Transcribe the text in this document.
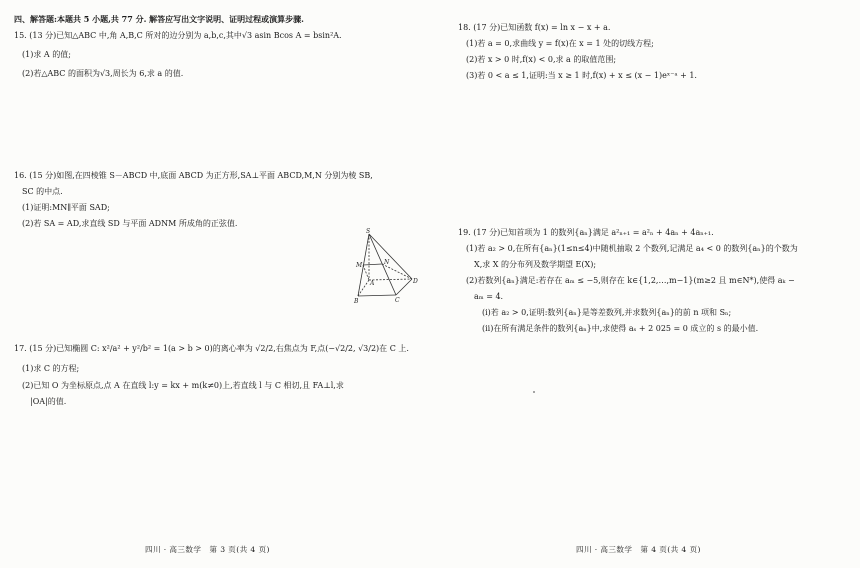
四、解答题:本题共 5 小题,共 77 分. 解答应写出文字说明、证明过程或演算步骤.
15. (13 分)已知△ABC 中,角 A,B,C 所对的边分别为 a,b,c,其中√3 asin Bcos A = bsin²A.
(1)求 A 的值;
(2)若△ABC 的面积为√3,周长为 6,求 a 的值.
16. (15 分)如图,在四棱锥 S－ABCD 中,底面 ABCD 为正方形,SA⊥平面 ABCD,M,N 分别为棱 SB,
SC 的中点.
(1)证明:MN∥平面 SAD;
(2)若 SA = AD,求直线 SD 与平面 ADNM 所成角的正弦值.
S
M	N
A
B	C
D
17. (15 分)已知椭圆 C: x²/a² + y²/b² = 1(a > b > 0)的离心率为 √2/2,右焦点为 F,点(−√2/2, √3/2)在 C 上.
(1)求 C 的方程;
(2)已知 O 为坐标原点,点 A 在直线 l:y = kx + m(k≠0)上,若直线 l 与 C 相切,且 FA⊥l,求
|OA|的值.
四川 · 高三数学　第 3 页(共 4 页)
18. (17 分)已知函数 f(x) = ln x − x + a.
(1)若 a = 0,求曲线 y = f(x)在 x = 1 处的切线方程;
(2)若 x > 0 时,f(x) < 0,求 a 的取值范围;
(3)若 0 < a ≤ 1,证明:当 x ≥ 1 时,f(x) + x ≤ (x − 1)eˣ⁻ᵃ + 1.
19. (17 分)已知首项为 1 的数列{aₙ}满足 a²ₙ₊₁ = a²ₙ + 4aₙ + 4aₙ₊₁.
(1)若 a₂ > 0,在所有{aₙ}(1≤n≤4)中随机抽取 2 个数列,记满足 a₄ < 0 的数列{aₙ}的个数为
X,求 X 的分布列及数学期望 E(X);
(2)若数列{aₙ}满足:若存在 aₘ ≤ −5,则存在 k∈{1,2,…,m−1}(m≥2 且 m∈N*),使得 aₖ −
aₘ = 4.
(i)若 a₂ > 0,证明:数列{aₙ}是等差数列,并求数列{aₙ}的前 n 项和 Sₙ;
(ii)在所有满足条件的数列{aₙ}中,求使得 aₛ + 2 025 = 0 成立的 s 的最小值.
四川 · 高三数学　第 4 页(共 4 页)
